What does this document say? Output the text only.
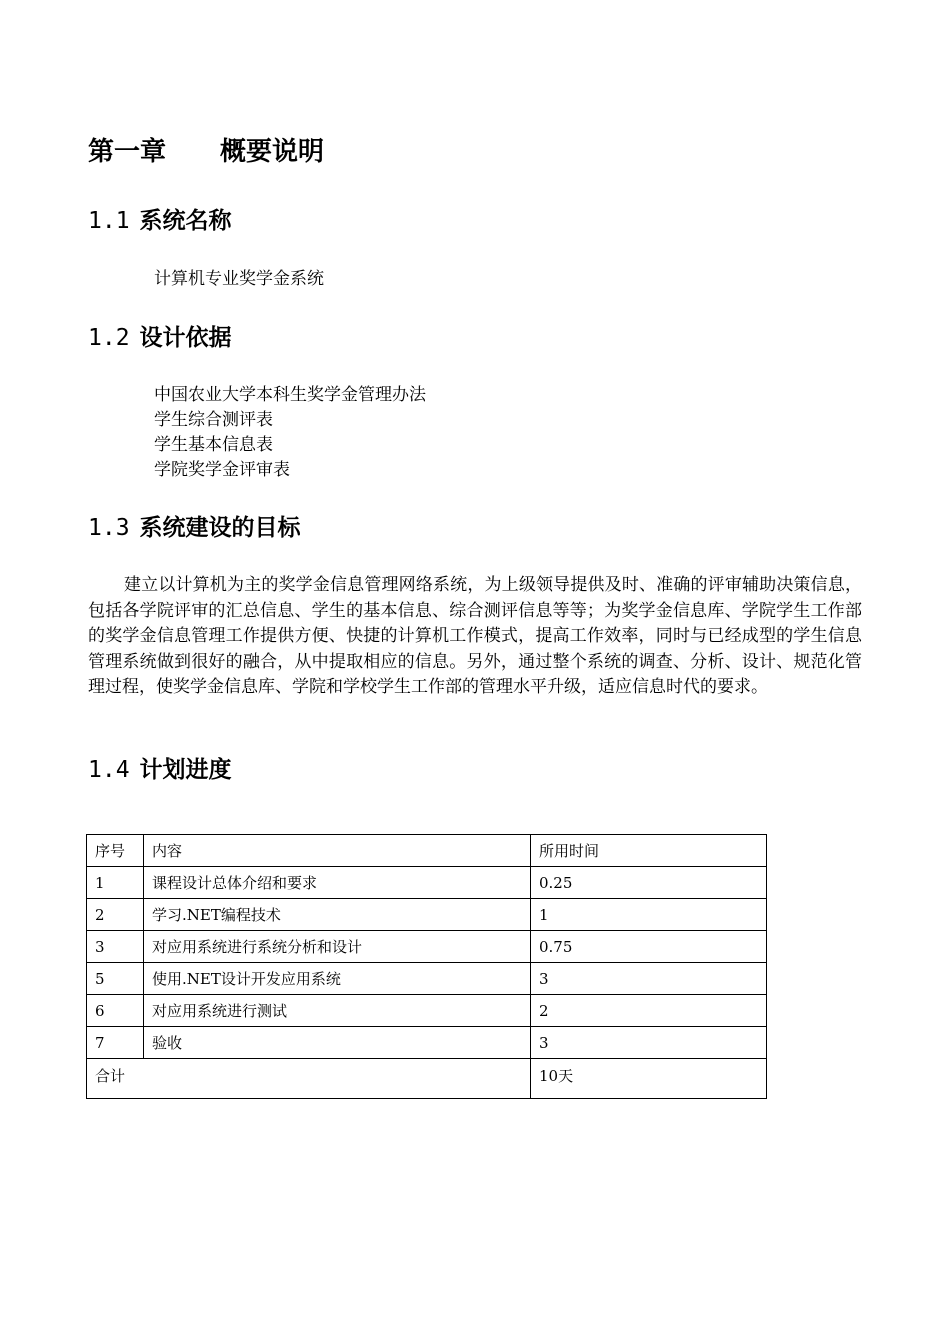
第一章 概要说明
1.1 系统名称
计算机专业奖学金系统
1.2 设计依据
中国农业大学本科生奖学金管理办法
学生综合测评表
学生基本信息表
学院奖学金评审表
1.3 系统建设的目标

建立以计算机为主的奖学金信息管理网络系统，为上级领导提供及时、准确的评审辅助决策信息，包括各学院评审的汇总信息、学生的基本信息、综合测评信息等等；为奖学金信息库、学院学生工作部的奖学金信息管理工作提供方便、快捷的计算机工作模式，提高工作效率，同时与已经成型的学生信息管理系统做到很好的融合，从中提取相应的信息。另外，通过整个系统的调查、分析、设计、规范化管理过程，使奖学金信息库、学院和学校学生工作部的管理水平升级，适应信息时代的要求。

1.4 计划进度
序号	内容	所用时间
1	课程设计总体介绍和要求	0.25
2	学习.NET编程技术	1
3	对应用系统进行系统分析和设计	0.75
5	使用.NET设计开发应用系统	3
6	对应用系统进行测试	2
7	验收	3
合计		10天
